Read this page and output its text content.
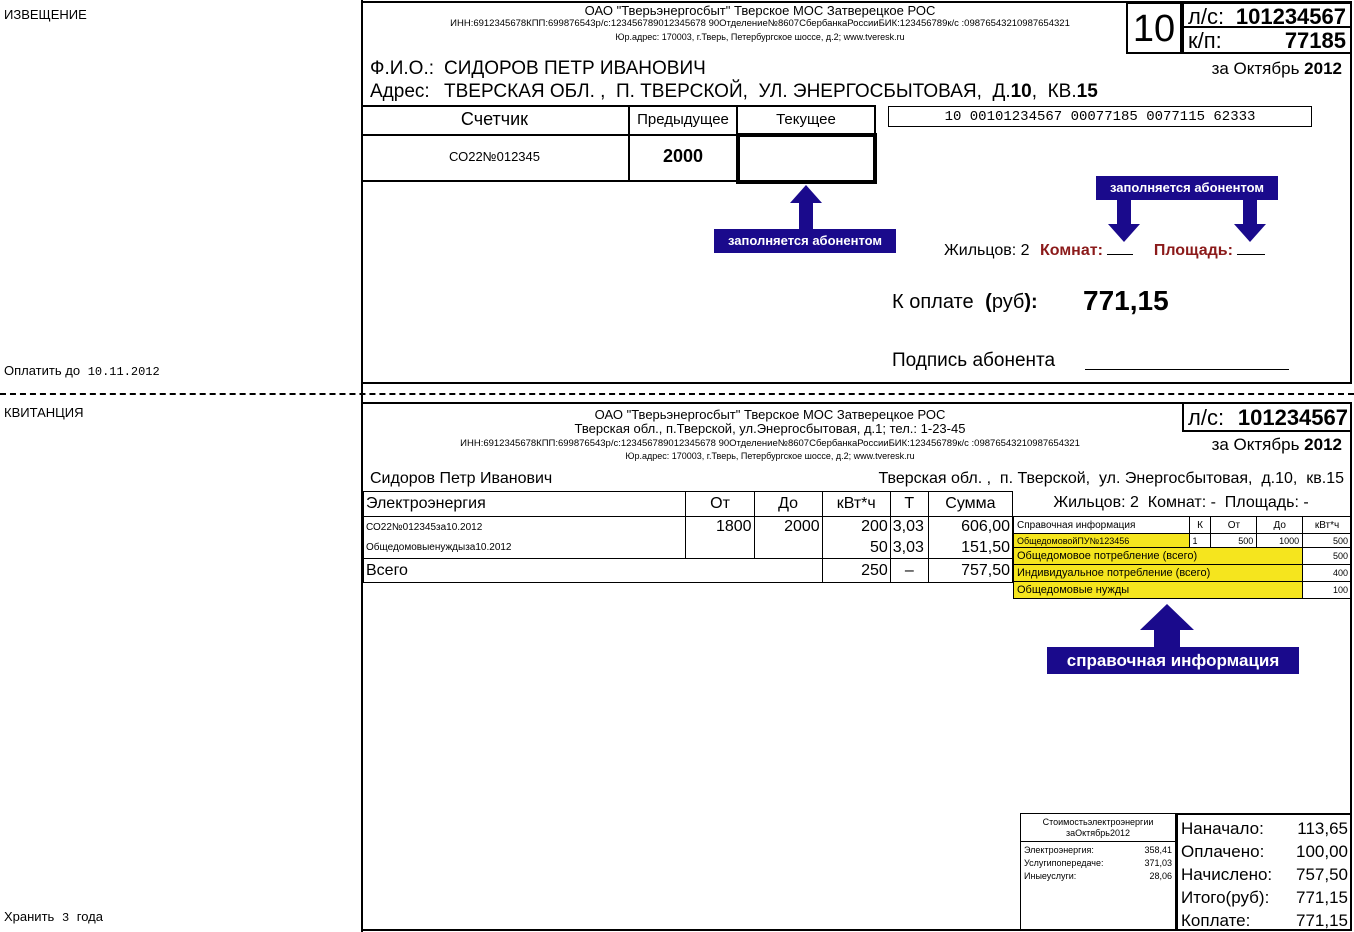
ИЗВЕЩЕНИЕ
Оплатить до 10.11.2012
КВИТАНЦИЯ
Хранить 3 года
ОАО "Тверьэнергосбыт" Тверское МОС Затверецкое РОС
ИНН:6912345678КПП:699876543р/с:123456789012345678 90Отделение№8607СбербанкаРоссииБИК:123456789к/с :09876543210987654321
Юр.адрес: 170003, г.Тверь, Петербургское шоссе, д.2; www.tveresk.ru	10 л/с: 101234567
к/п:	77185
Ф.И.О.: СИДОРОВ ПЕТР ИВАНОВИЧ	за Октябрь 2012
Адрес: ТВЕРСКАЯ ОБЛ. ,  П. ТВЕРСКОЙ,  УЛ. ЭНЕРГОСБЫТОВАЯ,  Д.10,  КВ.15
10 00101234567 00077185 0077115 62333
Счетчик	Предыдущее	Текущее
СО22№012345	2000
заполняется абонентом
заполняется абонентом
Жильцов: 2 Комнат:	Площадь:
К оплате (руб): 771,15
Подпись абонента
ОАО "Тверьэнергосбыт" Тверское МОС Затверецкое РОС
Тверская обл., п.Тверской, ул.Энергосбытовая, д.1; тел.: 1-23-45
ИНН:6912345678КПП:699876543р/с:123456789012345678 90Отделение№8607СбербанкаРоссииБИК:123456789к/с :09876543210987654321
Юр.адрес: 170003, г.Тверь, Петербургское шоссе, д.2; www.tveresk.ru
л/с: 101234567
за Октябрь 2012
Сидоров Петр Иванович	Тверская обл. ,  п. Тверской,  ул. Энергосбытовая,  д.10,  кв.15
Электроэнергия	От	До	кВт*ч	Т	Сумма
СО22№012345за10.2012	1800	2000	200	3,03	606,00
Общедомовыенуждыза10.2012			50	3,03	151,50
Всего			250	–	757,50
Жильцов: 2  Комнат: -  Площадь: -
Справочная информация	К	От	До	кВт*ч
ОбщедомовойПУ№123456	1	500	1000	500
Общедомовое потребление (всего)				500
Индивидуальное потребление (всего)				400
Общедомовые нужды				100
справочная информация
Стоимостьэлектроэнергии заОктябрь2012
Электроэнергия:	358,41
Услугипопередаче:	371,03
Иныеуслуги:	28,06
Наначало: 113,65
Оплачено: 100,00
Начислено: 757,50
Итого(руб): 771,15
Коплате:	771,15
